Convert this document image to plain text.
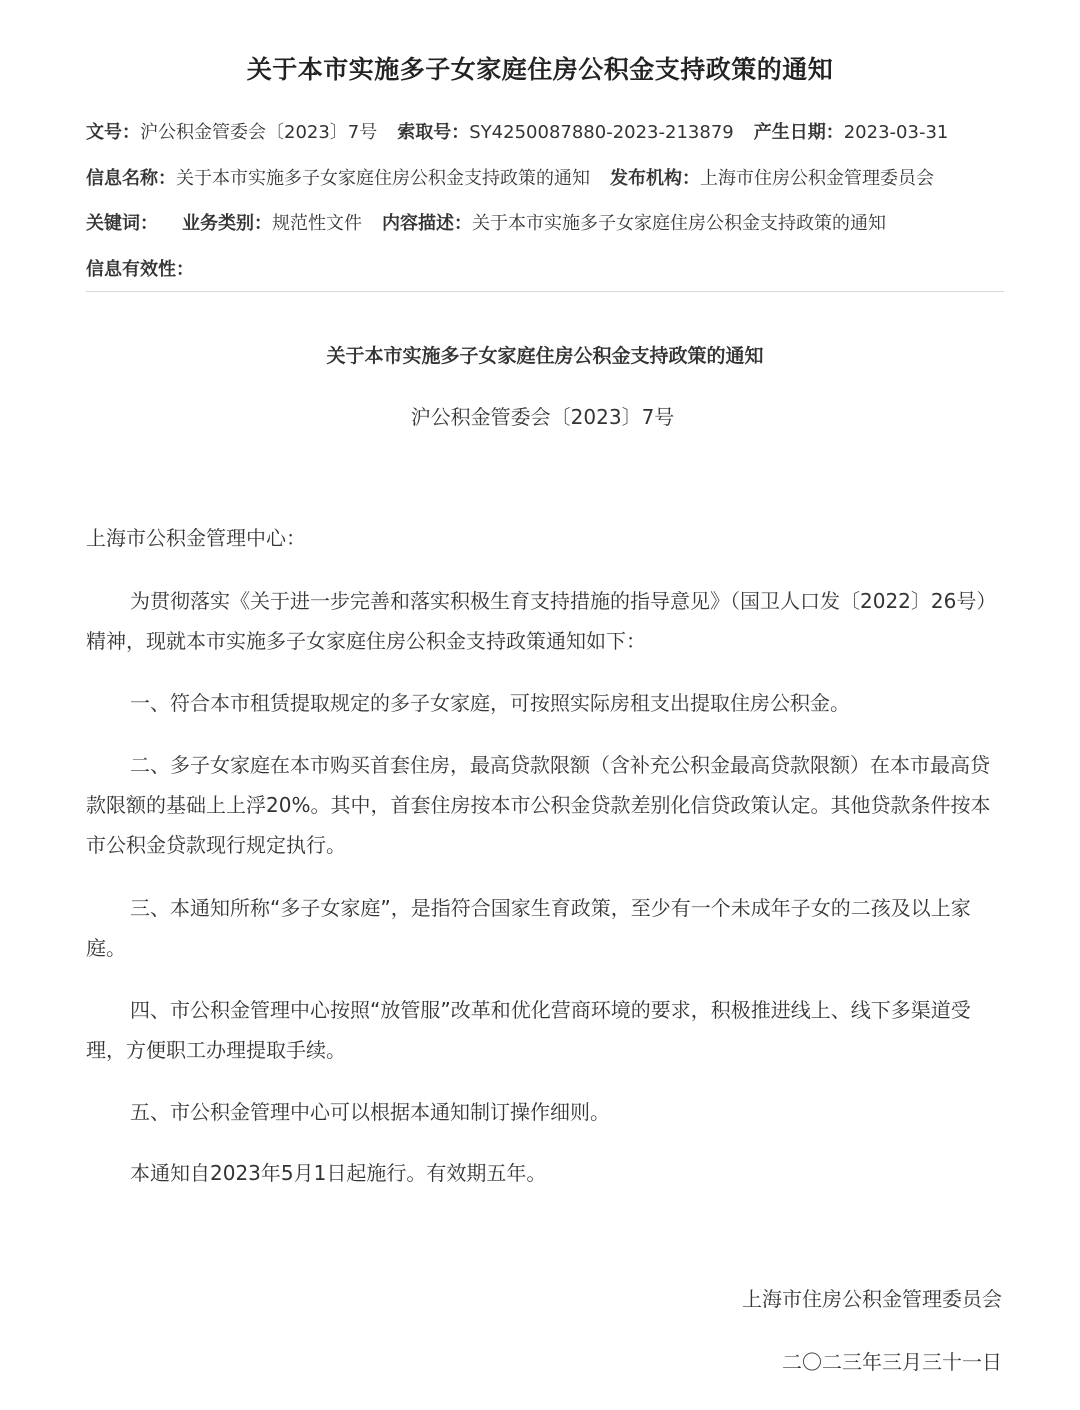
关于本市实施多子女家庭住房公积金支持政策的通知
文号：沪公积金管委会〔2023〕7号 索取号：SY4250087880-2023-213879 产生日期：2023-03-31
信息名称：关于本市实施多子女家庭住房公积金支持政策的通知 发布机构：上海市住房公积金管理委员会
关键词： 业务类别：规范性文件 内容描述：关于本市实施多子女家庭住房公积金支持政策的通知
信息有效性：
关于本市实施多子女家庭住房公积金支持政策的通知
沪公积金管委会〔2023〕7号

上海市公积金管理中心：

为贯彻落实《关于进一步完善和落实积极生育支持措施的指导意见》（国卫人口发〔2022〕26号）精神，现就本市实施多子女家庭住房公积金支持政策通知如下：

一、符合本市租赁提取规定的多子女家庭，可按照实际房租支出提取住房公积金。

二、多子女家庭在本市购买首套住房，最高贷款限额（含补充公积金最高贷款限额）在本市最高贷款限额的基础上上浮20%。其中，首套住房按本市公积金贷款差别化信贷政策认定。其他贷款条件按本市公积金贷款现行规定执行。

三、本通知所称“多子女家庭”，是指符合国家生育政策，至少有一个未成年子女的二孩及以上家庭。

四、市公积金管理中心按照“放管服”改革和优化营商环境的要求，积极推进线上、线下多渠道受理，方便职工办理提取手续。

五、市公积金管理中心可以根据本通知制订操作细则。

本通知自2023年5月1日起施行。有效期五年。

上海市住房公积金管理委员会
二〇二三年三月三十一日
